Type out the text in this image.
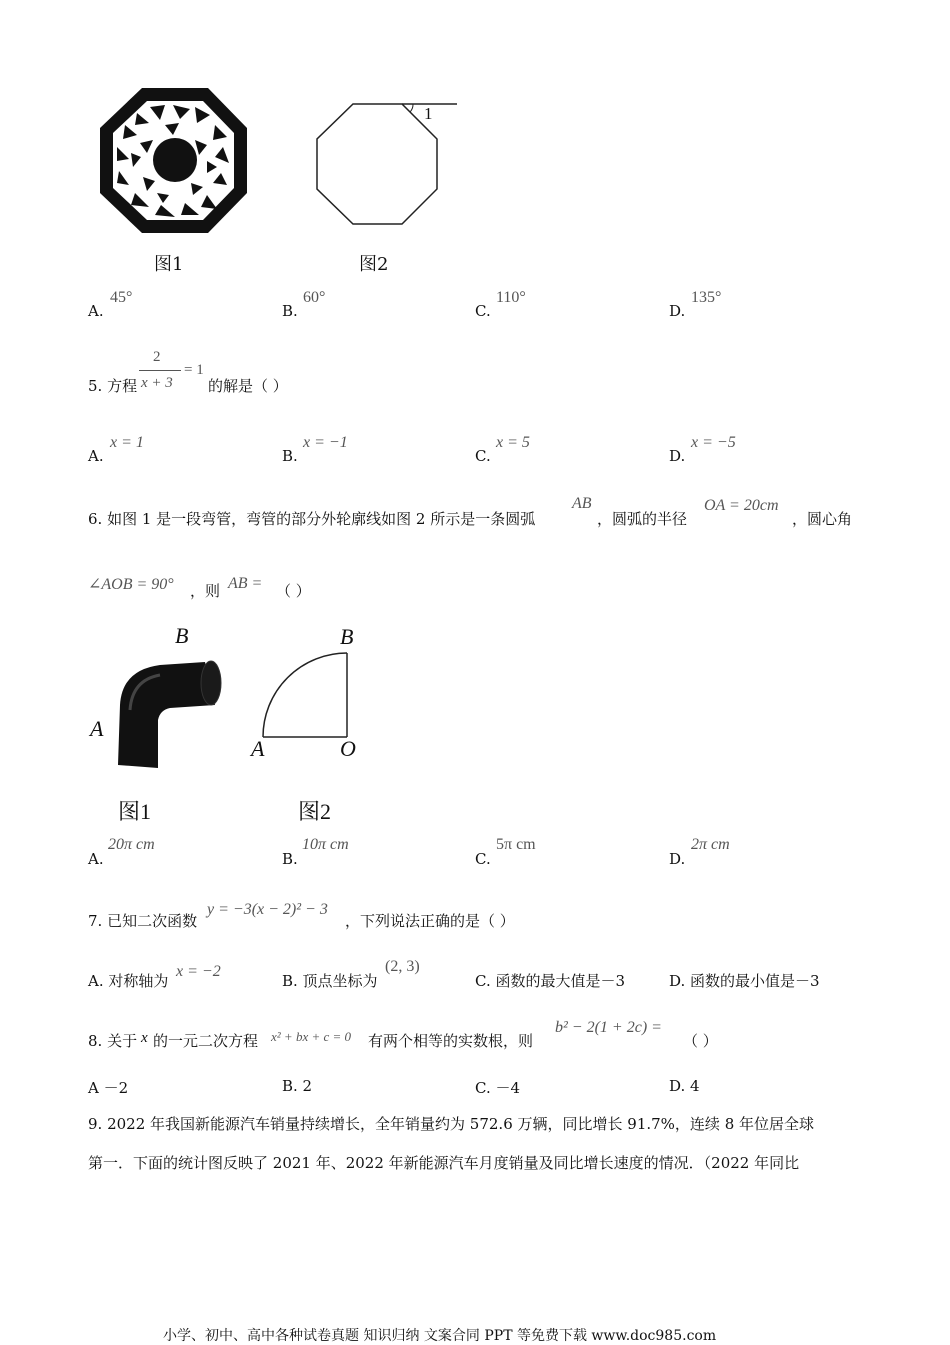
图1
1
图2
A.
45°
B.
60°
C.
110°
D.
135°
5. 方程
2
x + 3
= 1
的解是（ ）
A.
x = 1
B.
x = −1
C.
x = 5
D.
x = −5
6. 如图 1 是一段弯管，弯管的部分外轮廓线如图 2 所示是一条圆弧
AB
，圆弧的半径
OA = 20cm
，圆心角
∠AOB = 90° ，则 AB = （ ）
B
A
图1
B
A	O
图2
A.
20π cm
B.
10π cm
C.
5π cm
D.
2π cm
7. 已知二次函数
y = −3(x − 2)² − 3
，下列说法正确的是（ ）
A. 对称轴为
x = −2
B. 顶点坐标为
(2, 3)
C. 函数的最大值是－3	D. 函数的最小值是－3
8. 关于 x 的一元二次方程 x² + bx + c = 0 有两个相等的实数根，则
b² − 2(1 + 2c) =
（ ）
A －2	B. 2	C. －4	D. 4
9. 2022 年我国新能源汽车销量持续增长，全年销量约为 572.6 万辆，同比增长 91.7%，连续 8 年位居全球
第一．下面的统计图反映了 2021 年、2022 年新能源汽车月度销量及同比增长速度的情况．（2022 年同比
小学、初中、高中各种试卷真题 知识归纳 文案合同 PPT 等免费下载 www.doc985.com
